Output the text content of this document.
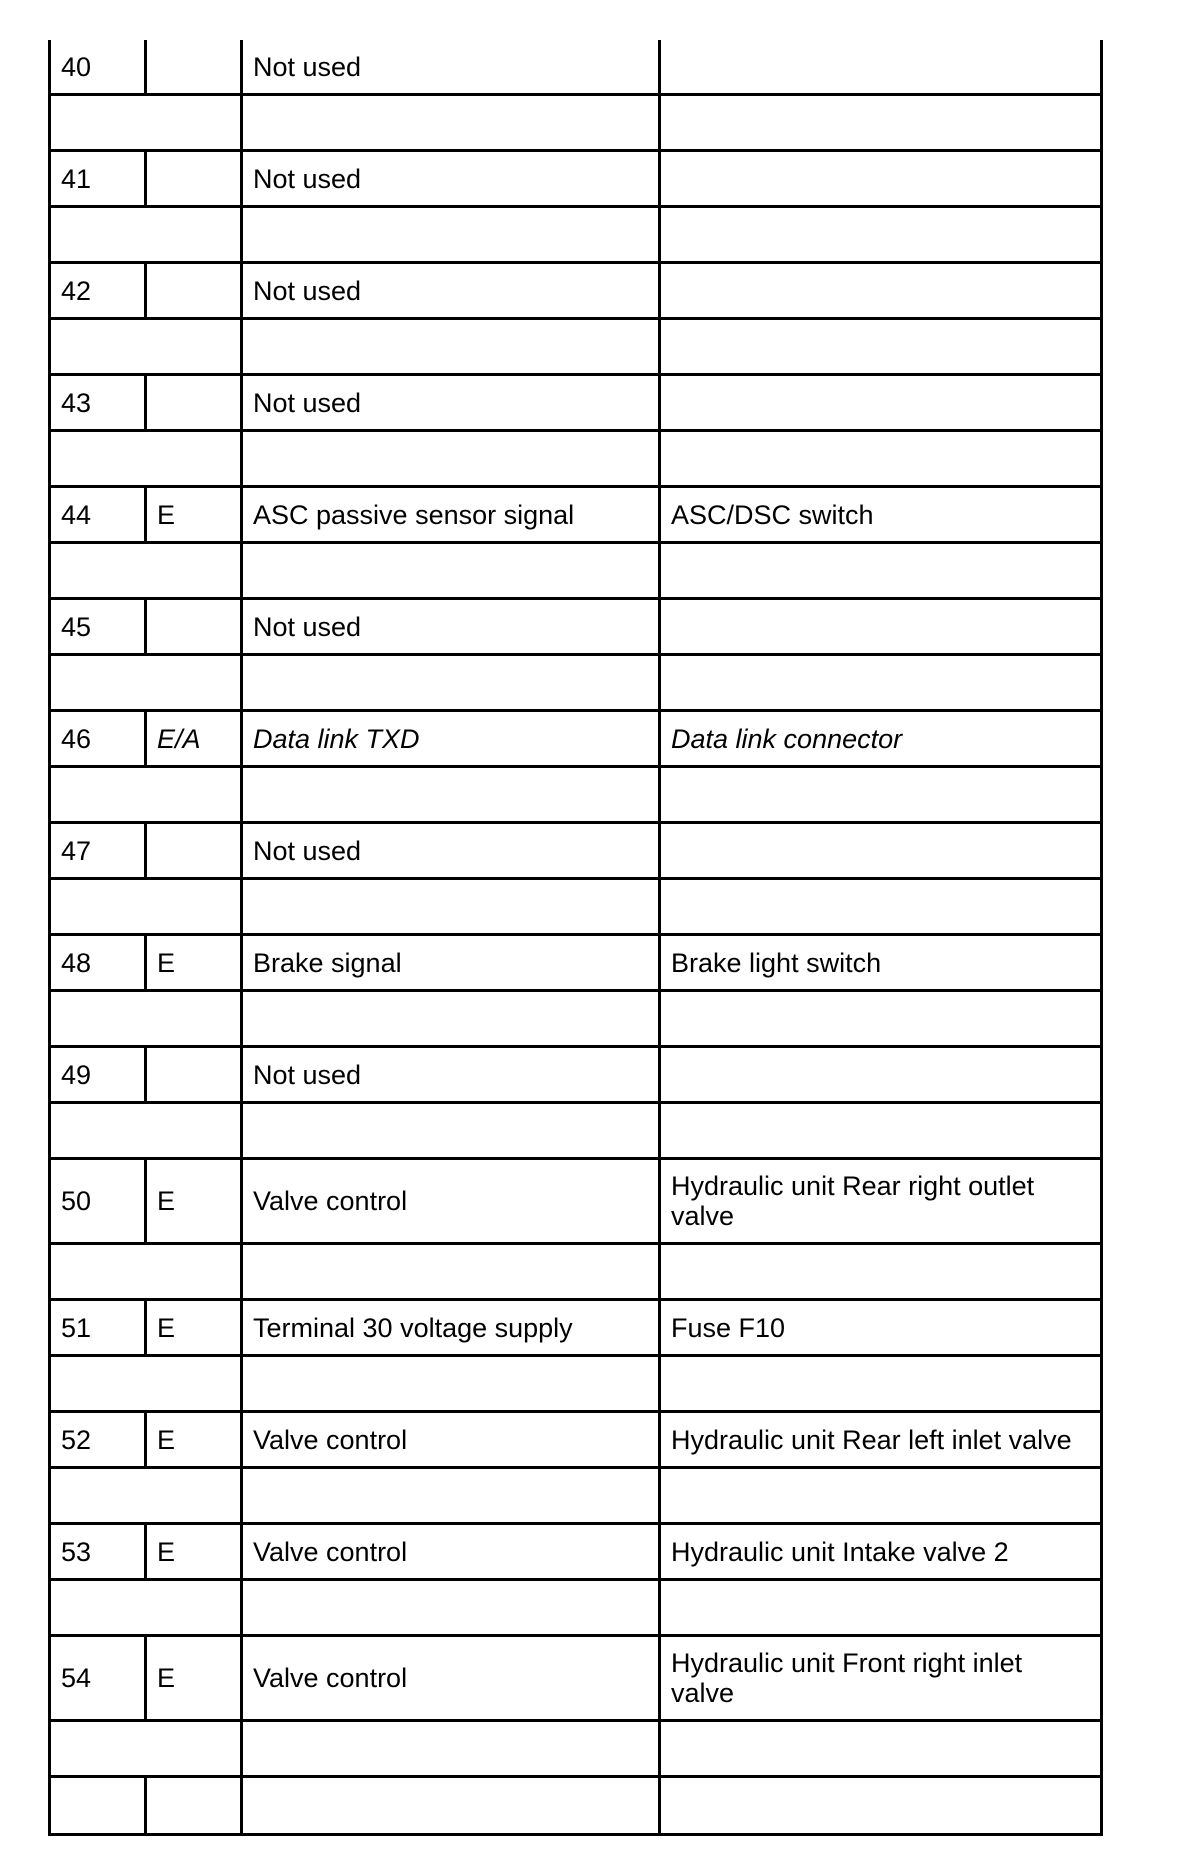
40		Not used	

41		Not used	

42		Not used	

43		Not used	

44	E	ASC passive sensor signal	ASC/DSC switch

45		Not used	

46	E/A	Data link TXD	Data link connector

47		Not used	

48	E	Brake signal	Brake light switch

49		Not used	

50	E	Valve control	Hydraulic unit Rear right outlet valve

51	E	Terminal 30 voltage supply	Fuse F10

52	E	Valve control	Hydraulic unit Rear left inlet valve

53	E	Valve control	Hydraulic unit Intake valve 2

54	E	Valve control	Hydraulic unit Front right inlet valve
